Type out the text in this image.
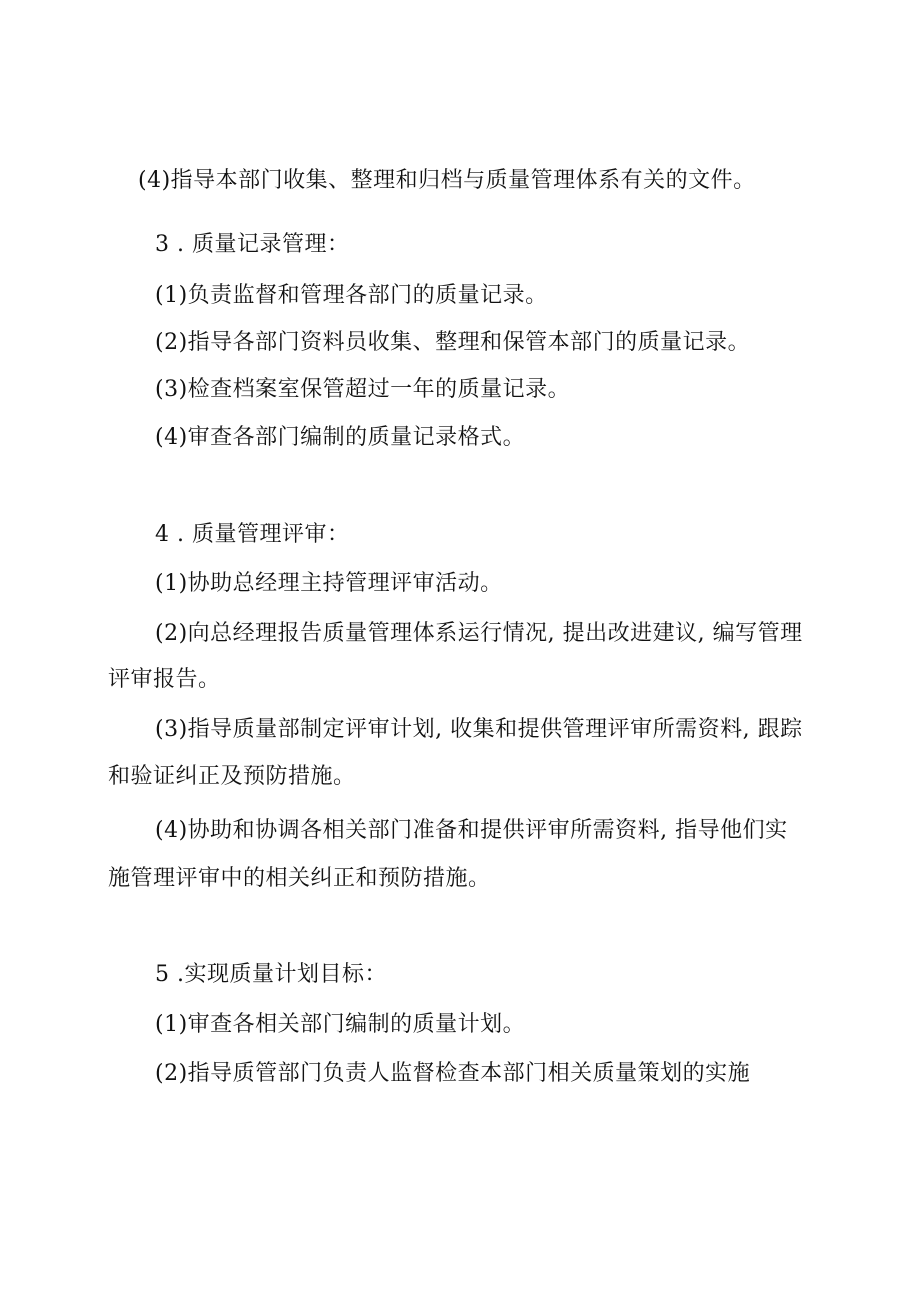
(4)指导本部门收集、整理和归档与质量管理体系有关的文件。
3 . 质量记录管理：
(1)负责监督和管理各部门的质量记录。
(2)指导各部门资料员收集、整理和保管本部门的质量记录。
(3)检查档案室保管超过一年的质量记录。
(4)审查各部门编制的质量记录格式。
4 . 质量管理评审：
(1)协助总经理主持管理评审活动。
(2)向总经理报告质量管理体系运行情况, 提出改进建议, 编写管理
评审报告。
(3)指导质量部制定评审计划, 收集和提供管理评审所需资料, 跟踪
和验证纠正及预防措施。
(4)协助和协调各相关部门准备和提供评审所需资料, 指导他们实
施管理评审中的相关纠正和预防措施。
5 .实现质量计划目标：
(1)审查各相关部门编制的质量计划。
(2)指导质管部门负责人监督检查本部门相关质量策划的实施
